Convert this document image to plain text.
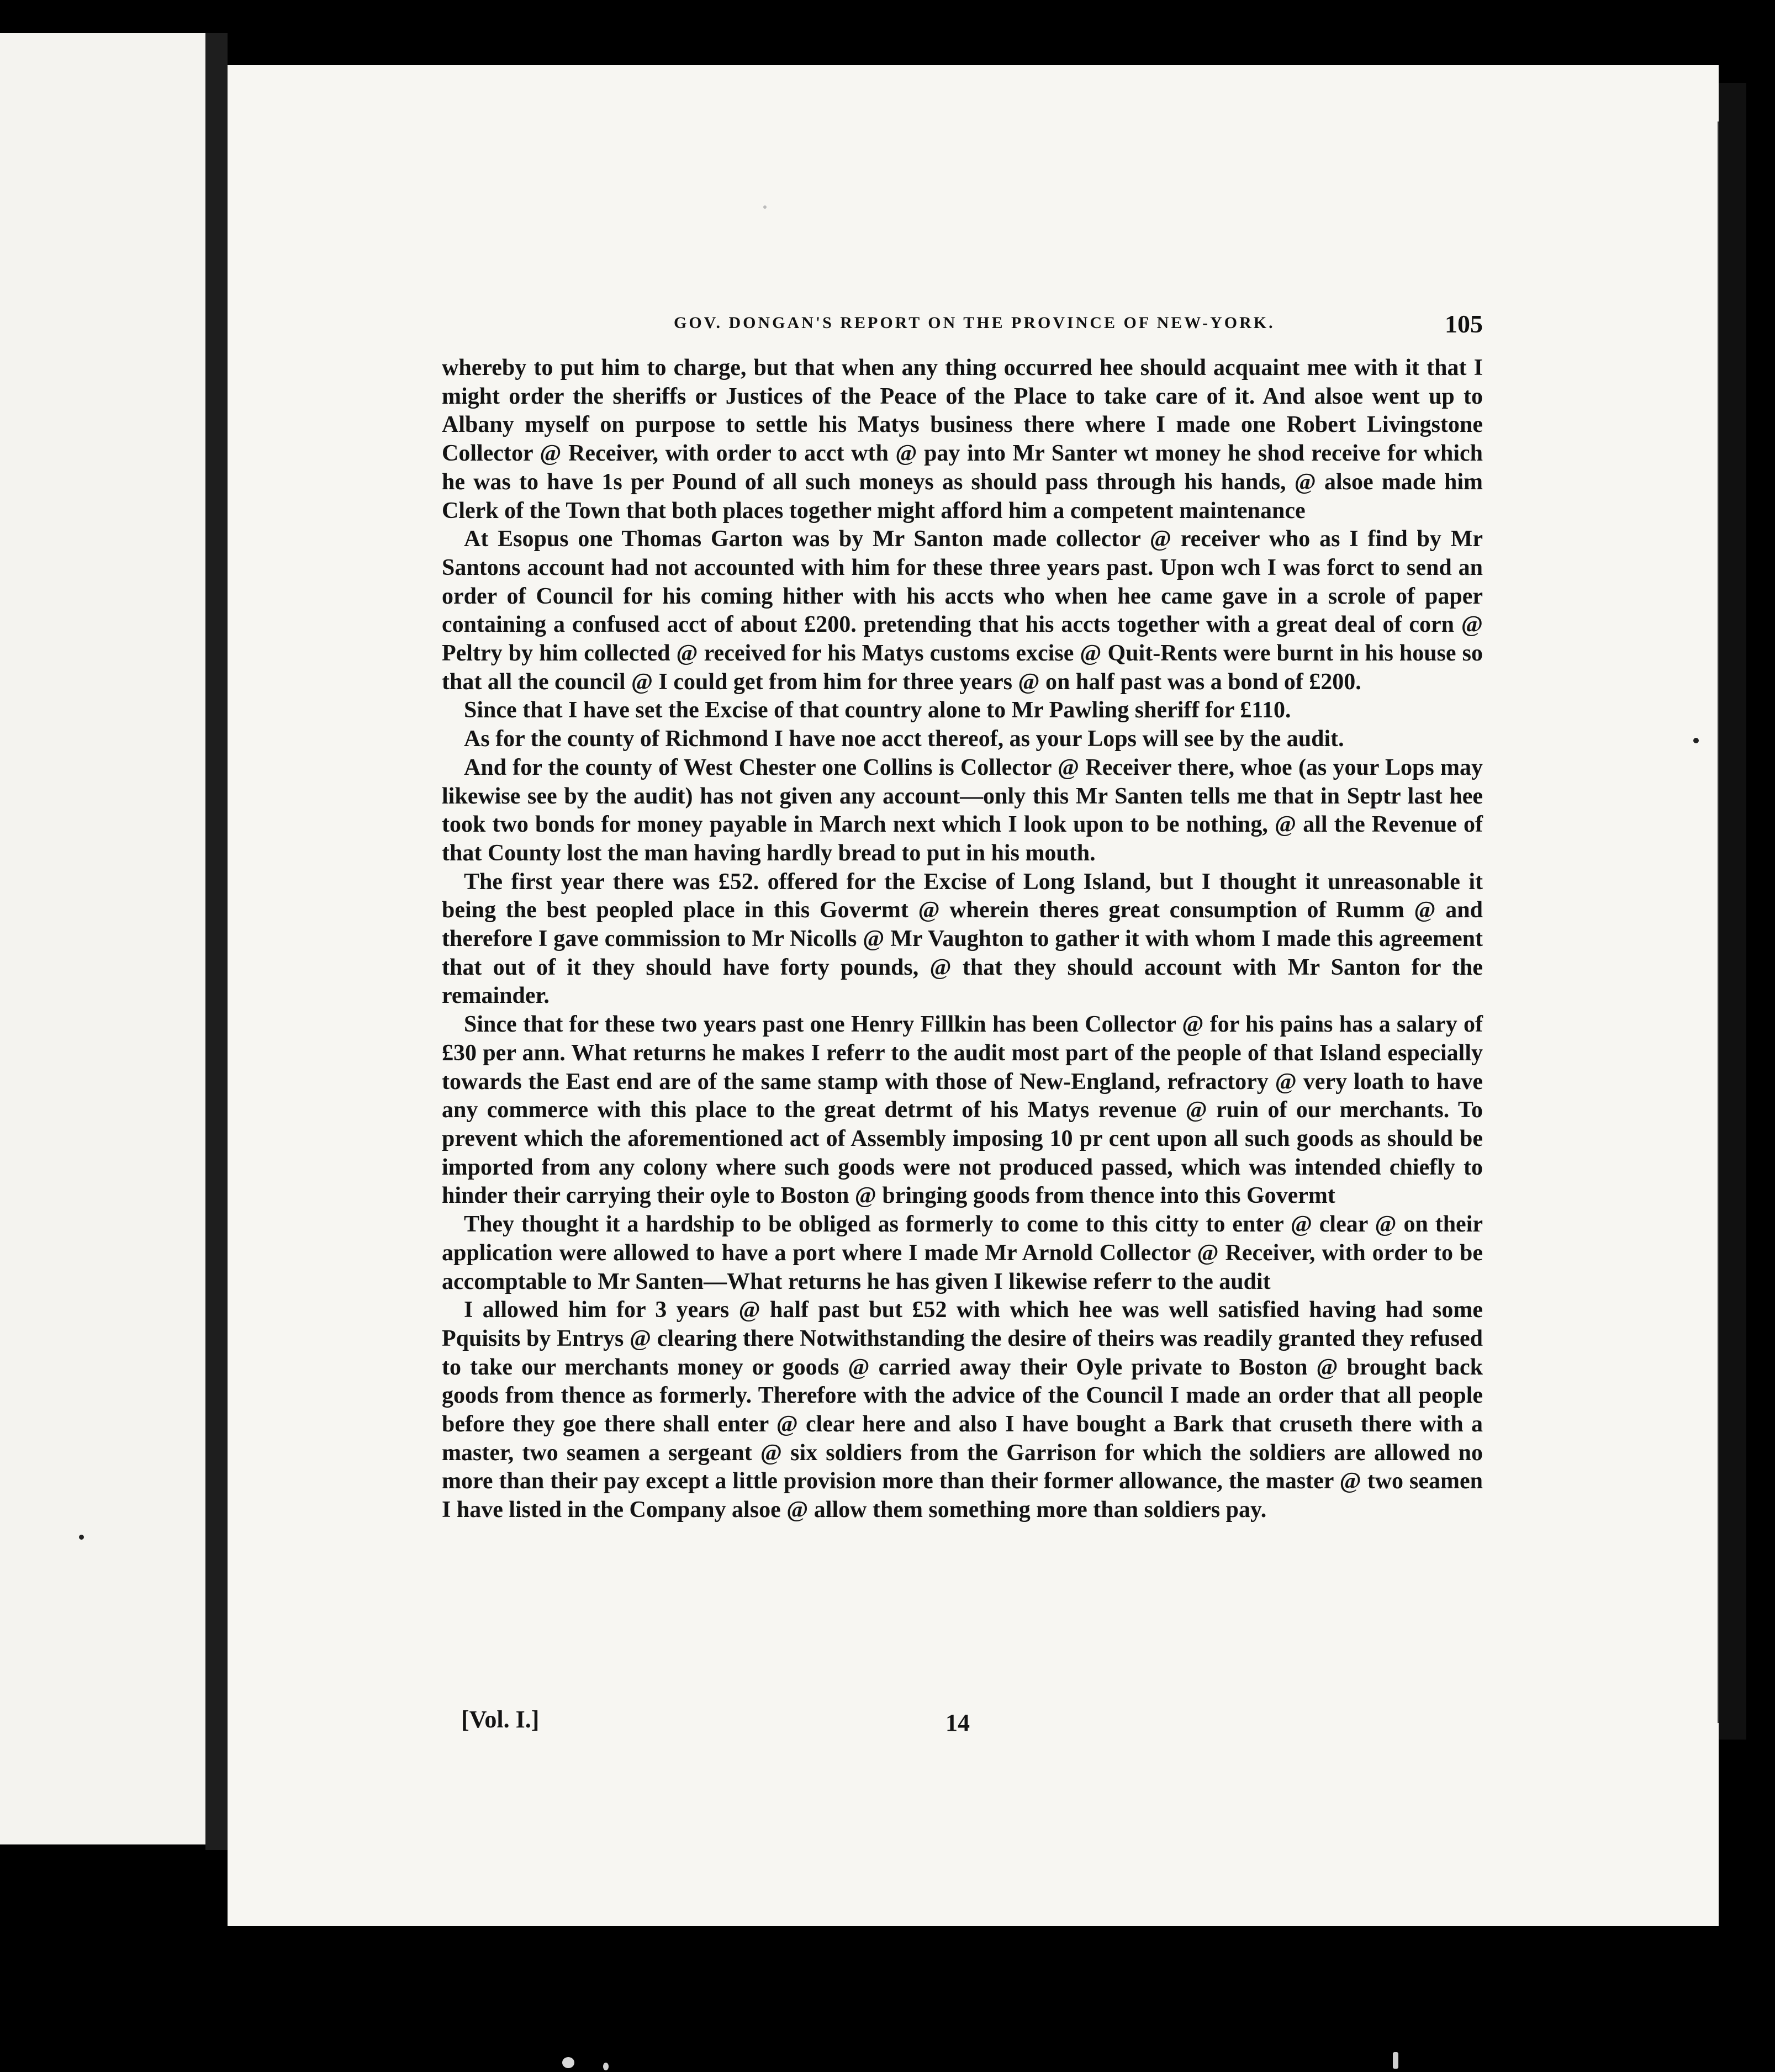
GOV. DONGAN'S REPORT ON THE PROVINCE OF NEW-YORK.	105

whereby to put him to charge, but that when any thing occurred hee should acquaint mee with it that I might order the sheriffs or Justices of the Peace of the Place to take care of it. And alsoe went up to Albany myself on purpose to settle his Matys business there where I made one Robert Livingstone Collector @ Receiver, with order to acct wth @ pay into Mr Santer wt money he shod receive for which he was to have 1s per Pound of all such moneys as should pass through his hands, @ alsoe made him Clerk of the Town that both places together might afford him a competent maintenance

At Esopus one Thomas Garton was by Mr Santon made collector @ receiver who as I find by Mr Santons account had not accounted with him for these three years past. Upon wch I was forct to send an order of Council for his coming hither with his accts who when hee came gave in a scrole of paper containing a confused acct of about £200. pretending that his accts together with a great deal of corn @ Peltry by him collected @ received for his Matys customs excise @ Quit-Rents were burnt in his house so that all the council @ I could get from him for three years @ on half past was a bond of £200.

Since that I have set the Excise of that country alone to Mr Pawling sheriff for £110.

As for the county of Richmond I have noe acct thereof, as your Lops will see by the audit.

And for the county of West Chester one Collins is Collector @ Receiver there, whoe (as your Lops may likewise see by the audit) has not given any account—only this Mr Santen tells me that in Septr last hee took two bonds for money payable in March next which I look upon to be nothing, @ all the Revenue of that County lost the man having hardly bread to put in his mouth.

The first year there was £52. offered for the Excise of Long Island, but I thought it unreasonable it being the best peopled place in this Govermt @ wherein theres great consumption of Rumm @ and therefore I gave commission to Mr Nicolls @ Mr Vaughton to gather it with whom I made this agreement that out of it they should have forty pounds, @ that they should account with Mr Santon for the remainder.

Since that for these two years past one Henry Fillkin has been Collector @ for his pains has a salary of £30 per ann. What returns he makes I referr to the audit most part of the people of that Island especially towards the East end are of the same stamp with those of New-England, refractory @ very loath to have any commerce with this place to the great detrmt of his Matys revenue @ ruin of our merchants. To prevent which the aforementioned act of Assembly imposing 10 pr cent upon all such goods as should be imported from any colony where such goods were not produced passed, which was intended chiefly to hinder their carrying their oyle to Boston @ bringing goods from thence into this Govermt

They thought it a hardship to be obliged as formerly to come to this citty to enter @ clear @ on their application were allowed to have a port where I made Mr Arnold Collector @ Receiver, with order to be accomptable to Mr Santen—What returns he has given I likewise referr to the audit

I allowed him for 3 years @ half past but £52 with which hee was well satisfied having had some Pquisits by Entrys @ clearing there Notwithstanding the desire of theirs was readily granted they refused to take our merchants money or goods @ carried away their Oyle private to Boston @ brought back goods from thence as formerly. Therefore with the advice of the Council I made an order that all people before they goe there shall enter @ clear here and also I have bought a Bark that cruseth there with a master, two seamen a sergeant @ six soldiers from the Garrison for which the soldiers are allowed no more than their pay except a little provision more than their former allowance, the master @ two seamen I have listed in the Company alsoe @ allow them something more than soldiers pay.

[Vol. I.]	14
